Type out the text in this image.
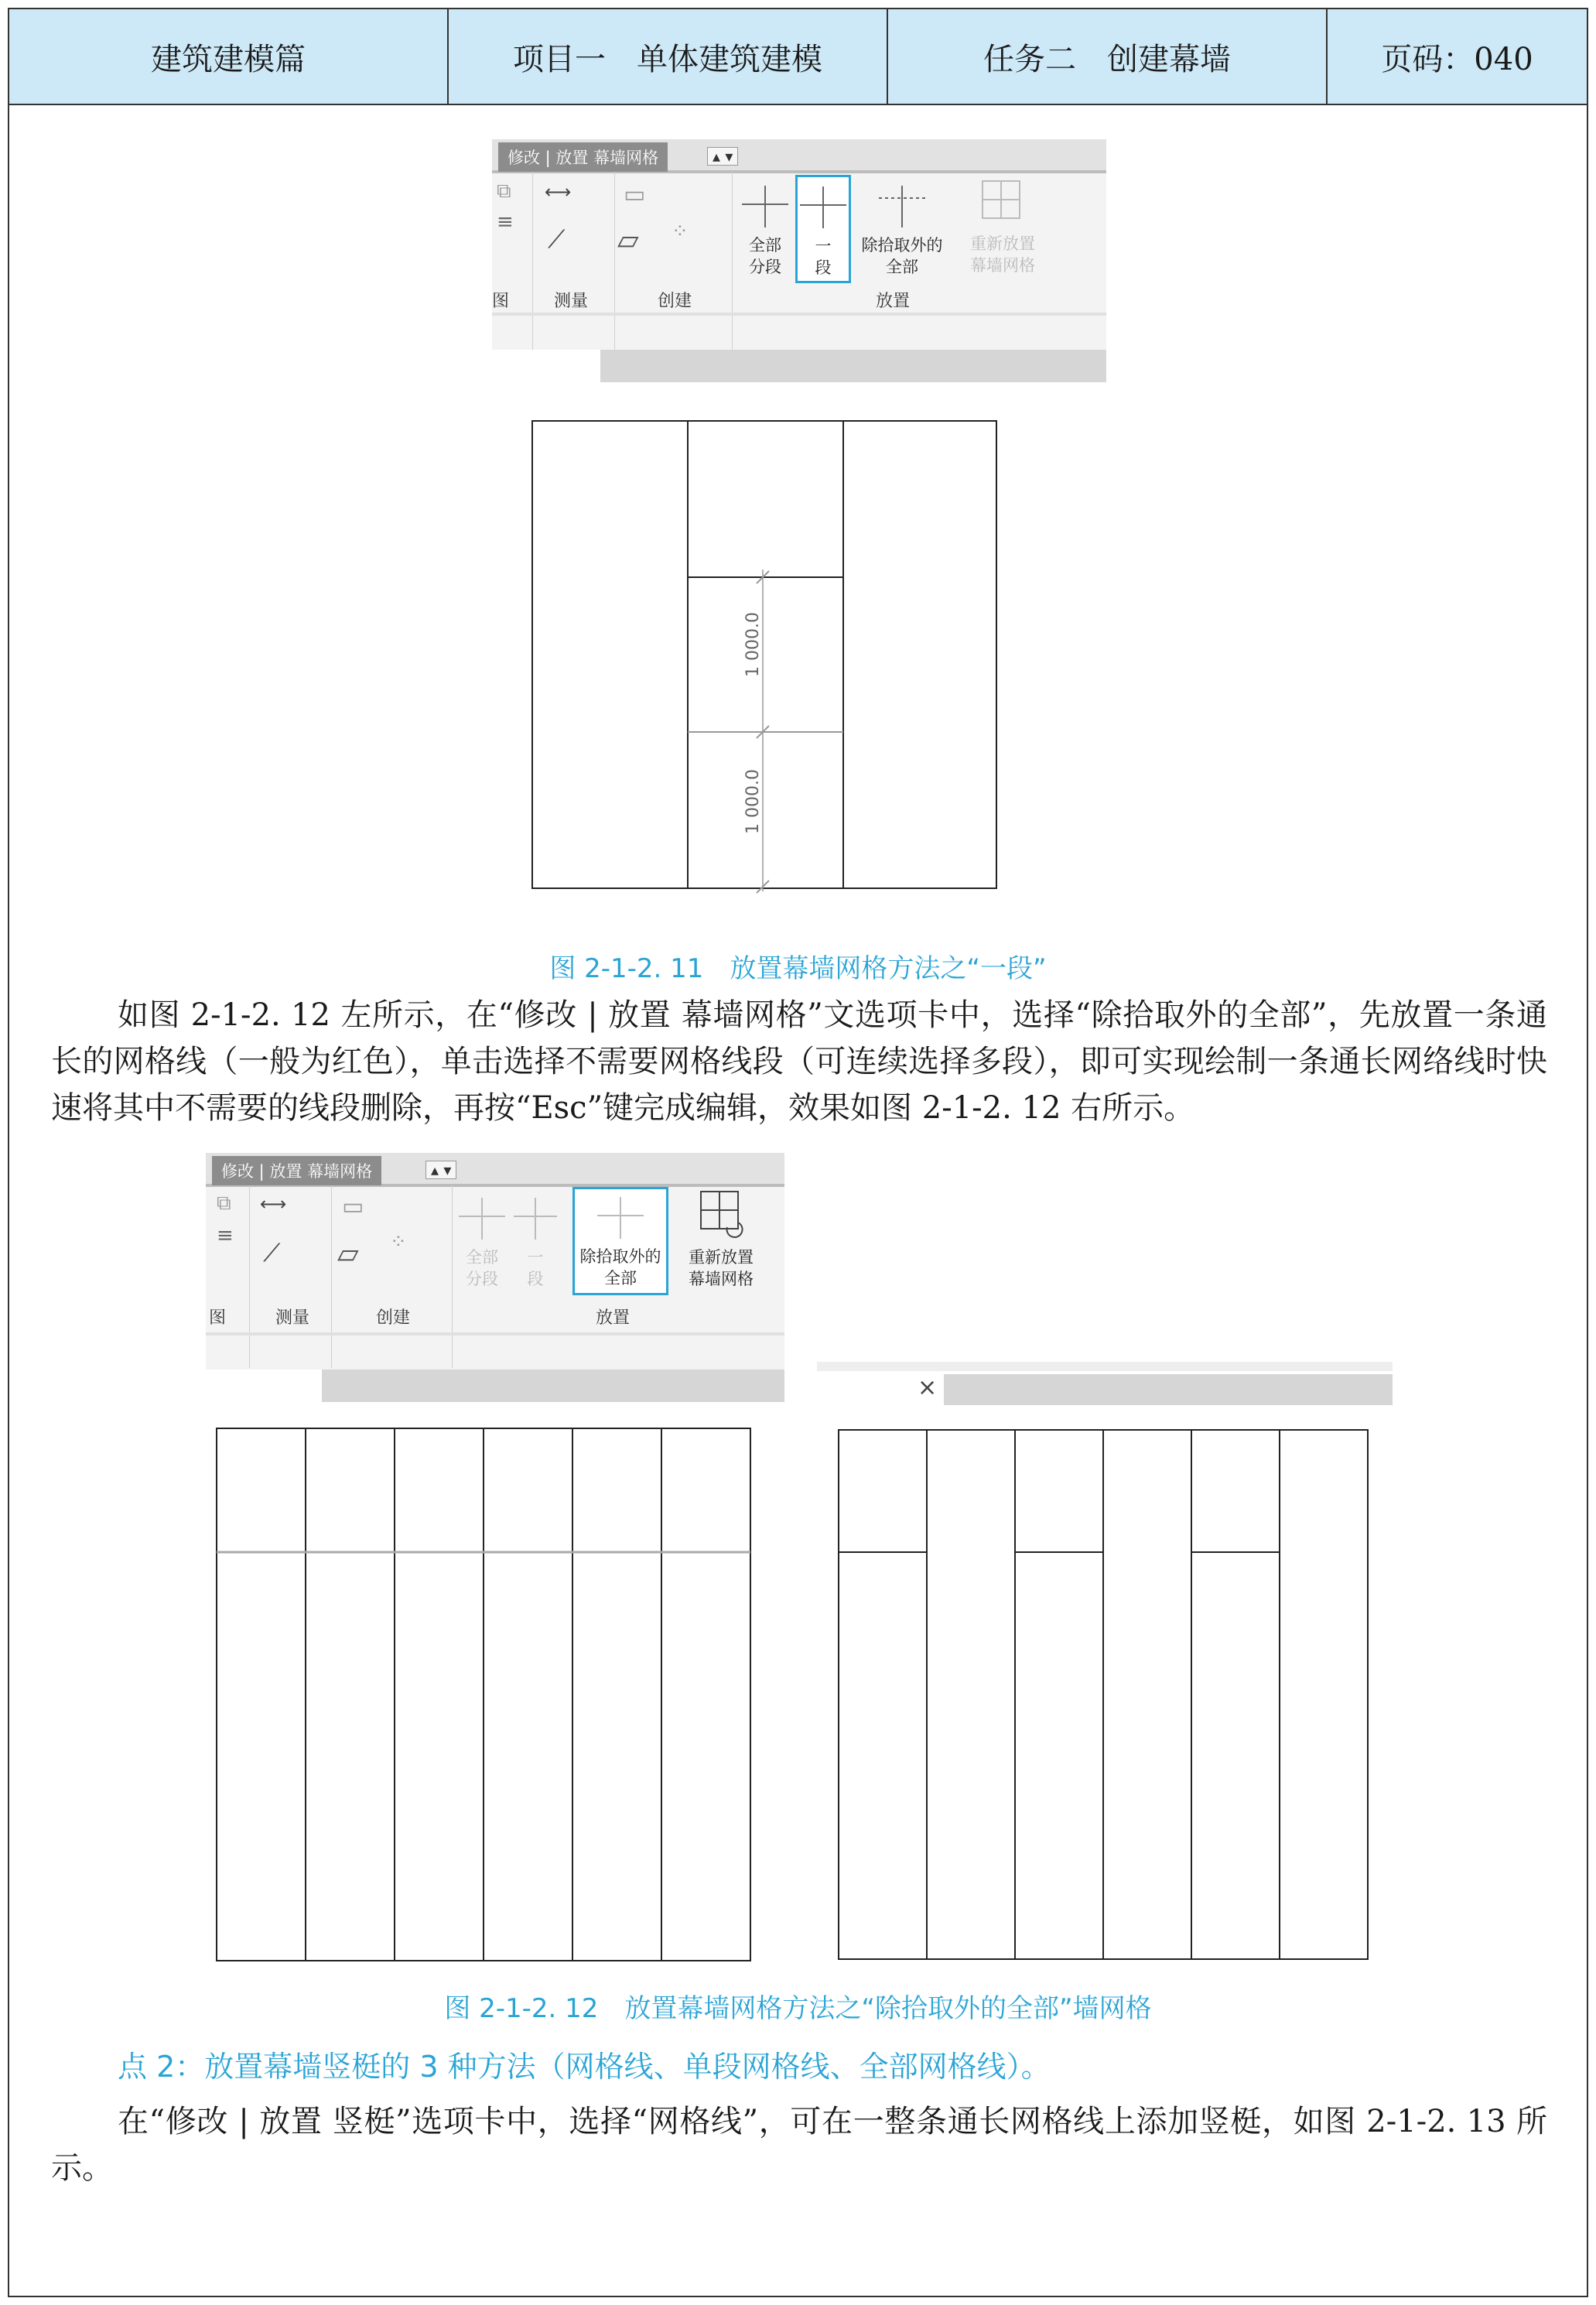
建筑建模篇	项目一　单体建筑建模	任务二　创建幕墙	页码：040
修改 | 放置 幕墙网格	▴ ▾
⧉
≡
⟷
⟋
▭
▱ ⁘
全部分段
一段
除拾取外的全部
重新放置幕墙网格
图	测量	创建	放置
1 000.0
1 000.0
图 2-1-2. 11　放置幕墙网格方法之“一段”
如图 2-1-2. 12 左所示，在“修改 | 放置 幕墙网格”文选项卡中，选择“除拾取外的全部”，先放置一条通长的网格线（一般为红色），单击选择不需要网格线段（可连续选择多段），即可实现绘制一条通长网络线时快速将其中不需要的线段删除，再按“Esc”键完成编辑，效果如图 2-1-2. 12 右所示。
修改 | 放置 幕墙网格	▴ ▾
⧉
≡
⟷
⟋
▭
▱ ⁘
全部分段
一段
除拾取外的全部
重新放置幕墙网格
图	测量	创建	放置
×
图 2-1-2. 12　放置幕墙网格方法之“除拾取外的全部”墙网格
点 2：放置幕墙竖梃的 3 种方法（网格线、单段网格线、全部网格线）。
在“修改 | 放置 竖梃”选项卡中，选择“网格线”，可在一整条通长网格线上添加竖梃，如图 2-1-2. 13 所示。
